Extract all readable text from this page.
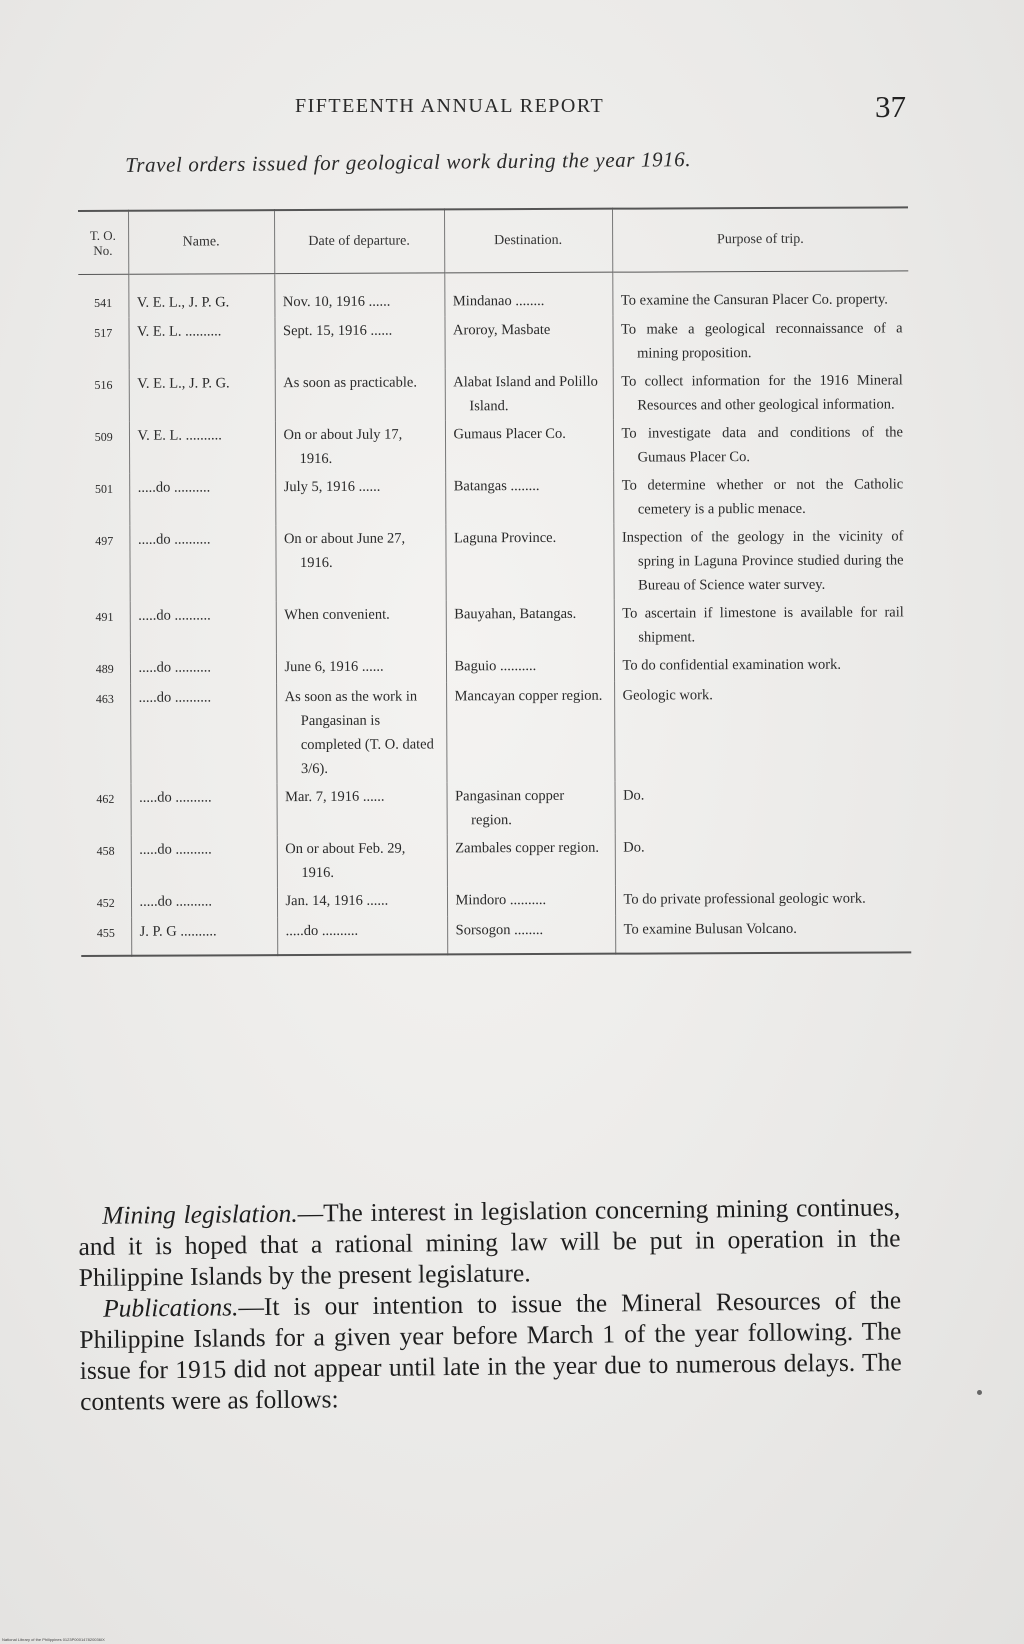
FIFTEENTH ANNUAL REPORT	37
Travel orders issued for geological work during the year 1916.
T. O. No.	Name.	Date of departure.	Destination.	Purpose of trip.
541	V. E. L., J. P. G.	Nov. 10, 1916 ......	Mindanao ........	To examine the Cansuran Placer Co. property.

517	V. E. L. ..........	Sept. 15, 1916 ......	Aroroy, Masbate	To make a geological reconnaissance of a mining proposition.

516	V. E. L., J. P. G.	As soon as practicable.	Alabat Island and Polillo Island.	To collect information for the 1916 Mineral Resources and other geological information.

509	V. E. L. ..........	On or about July 17, 1916.	Gumaus Placer Co.	To investigate data and conditions of the Gumaus Placer Co.

501	.....do ..........	July 5, 1916 ......	Batangas ........	To determine whether or not the Catholic cemetery is a public menace.

497	.....do ..........	On or about June 27, 1916.	Laguna Province.	Inspection of the geology in the vicinity of spring in Laguna Province studied during the Bureau of Science water survey.

491	.....do ..........	When convenient.	Bauyahan, Batangas.	To ascertain if limestone is available for rail shipment.

489	.....do ..........	June 6, 1916 ......	Baguio ..........	To do confidential examination work.

463	.....do ..........	As soon as the work in Pangasinan is completed (T. O. dated 3/6).	Mancayan copper region.	Geologic work.

462	.....do ..........	Mar. 7, 1916 ......	Pangasinan copper region.	Do.

458	.....do ..........	On or about Feb. 29, 1916.	Zambales copper region.	Do.

452	.....do ..........	Jan. 14, 1916 ......	Mindoro ..........	To do private professional geologic work.

455	J. P. G ..........	.....do ..........	Sorsogon ........	To examine Bulusan Volcano.

Mining legislation.—The interest in legislation concerning mining continues, and it is hoped that a rational mining law will be put in operation in the Philippine Islands by the present legislature.

Publications.—It is our intention to issue the Mineral Resources of the Philippine Islands for a given year before March 1 of the year following. The issue for 1915 did not appear until late in the year due to numerous delays. The contents were as follows:

National Library of the Philippines 0123P000147820036IX
